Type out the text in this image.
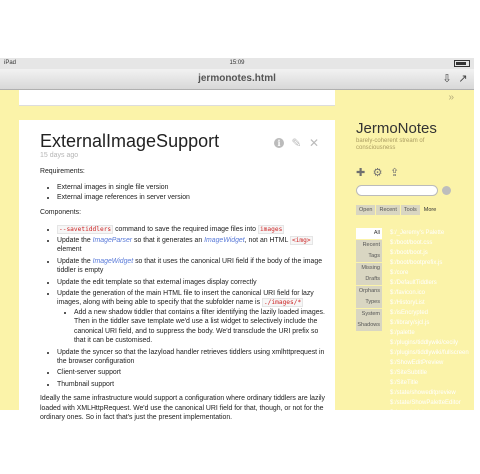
iPad	15:09
jermonotes.html	⇩ ↗
ExternalImageSupport
15 days ago
i ✎ ✕

Requirements:

• External images in single file version
• External image references in server version

Components:

• --savetiddlers command to save the required image files into images
• Update the ImageParser so that it generates an ImageWidget, not an HTML <img> element
• Update the ImageWidget so that it uses the canonical URI field if the body of the image tiddler is empty
• Update the edit template so that external images display correctly
• Update the generation of the main HTML file to insert the canonical URI field for lazy images, along with being able to specify that the subfolder name is ./images/*
• Add a new shadow tiddler that contains a filter identifying the lazily loaded images. Then in the tiddler save template we'd use a list widget to selectively include the canonical URI field, and to suppress the body. We'd transclude the URI prefix so that it can be customised.
• Update the syncer so that the lazyload handler retrieves tiddlers using xmlhttprequest in the browser configuration
• Client-server support
• Thumbnail support

Ideally the same infrastructure would support a configuration where ordinary tiddlers are lazily loaded with XMLHttpRequest. We'd use the canonical URI field for that, though, or not for the ordinary ones. So in fact that's just the present implementation.

»
JermoNotes
barely-coherent stream of consciousness
✚ ⚙ ⇪
Open Recent Tools More
All
Recent
Tags
Missing
Drafts
Orphans
Types
System
Shadows
$:/_Jeremy's Palette
$:/boot/boot.css
$:/boot/boot.js
$:/boot/bootprefix.js
$:/core
$:/DefaultTiddlers
$:/favicon.ico
$:/HistoryList
$:/isEncrypted
$:/library/sjcl.js
$:/palette
$:/plugins/tiddlywiki/cecily
$:/plugins/tiddlywiki/fullscreen
$:/ShowEditPreview
$:/SiteSubtitle
$:/SiteTitle
$:/state/showeditpreview
$:/state/ShowPaletteEditor
$:/state/sidebar
$:/state/tab-1-1370058196
